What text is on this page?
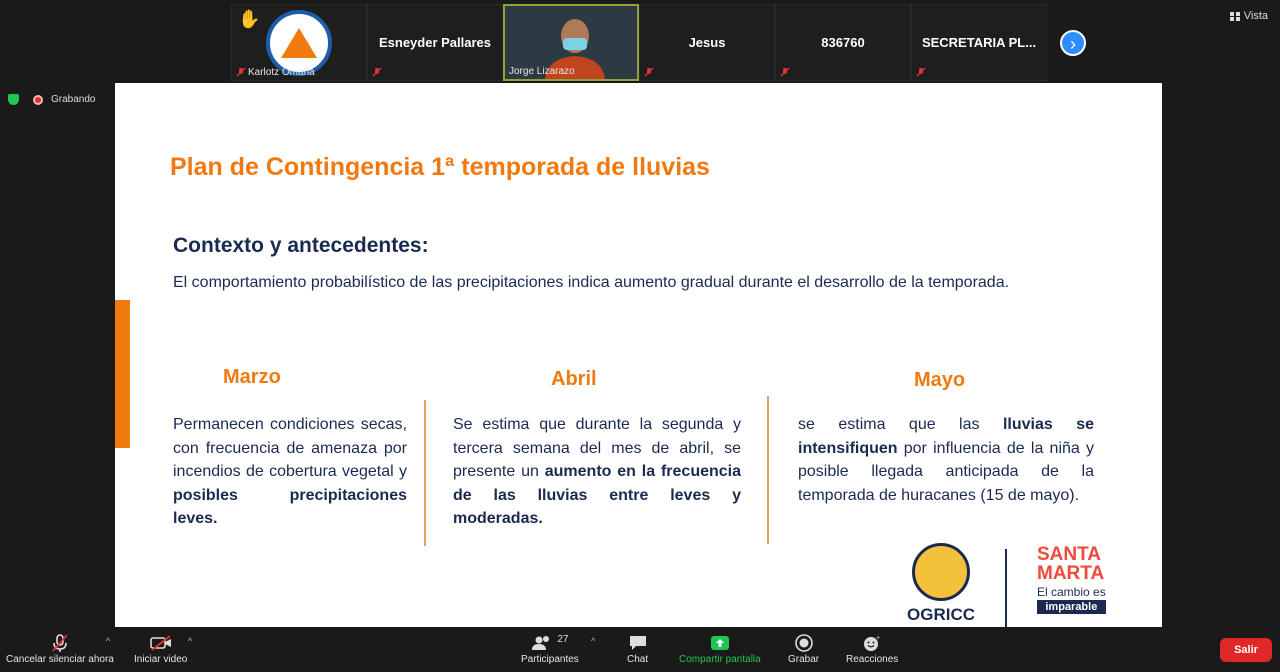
✋
Karlotz Omaña
Esneyder Pallares
Jorge Lizarazo
Jesus	836760	SECRETARIA PL...	›
Vista
Grabando
Plan de Contingencia 1ª temporada de lluvias
Contexto y antecedentes:
El comportamiento probabilístico de las precipitaciones indica aumento gradual durante el desarrollo de la temporada.
Marzo
Permanecen condiciones secas, con frecuencia de amenaza por incendios de cobertura vegetal y posibles precipitaciones leves.
Abril
Se estima que durante la segunda y tercera semana del mes de abril, se presente un aumento en la frecuencia de las lluvias entre leves y moderadas.
Mayo
se estima que las lluvias se intensifiquen por influencia de la niña y posible llegada anticipada de la temporada de huracanes (15 de mayo).
OGRICC
SANTA
MARTA
El cambio es
imparable
Cancelar silenciar ahora
^
Iniciar video
^	27
Participantes
^
Chat	Compartir pantalla	Grabar
+
Reacciones
Salir
